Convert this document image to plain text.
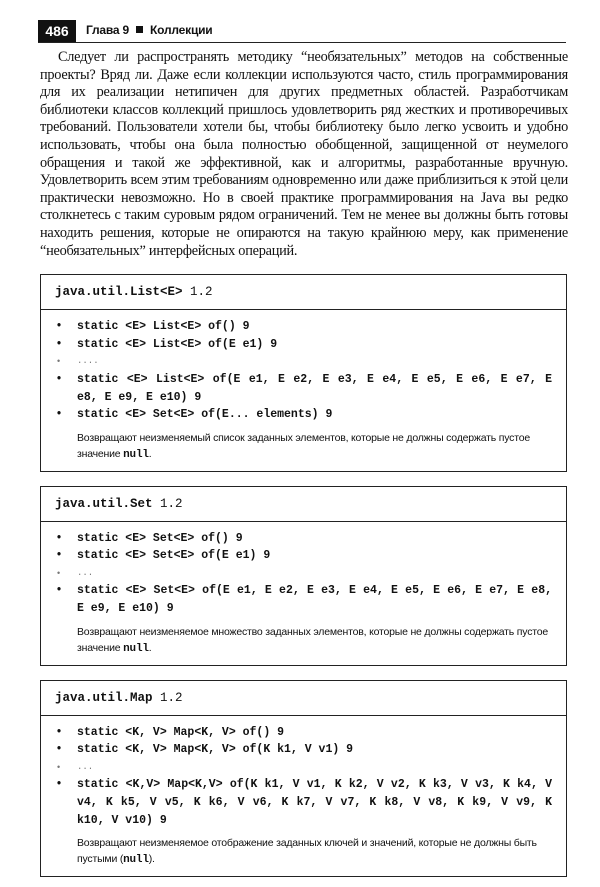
486	Глава 9 Коллекции

Следует ли распространять методику “необязательных” методов на собственные проекты? Вряд ли. Даже если коллекции используются часто, стиль программирования для их реализации нетипичен для других предметных областей. Разработчикам библиотеки классов коллекций пришлось удовлетворить ряд жестких и противоречивых требований. Пользователи хотели бы, чтобы библиотеку было легко усвоить и удобно использовать, чтобы она была полностью обобщенной, защищенной от неумелого обращения и такой же эффективной, как и алгоритмы, разработанные вручную. Удовлетворить всем этим требованиям одновременно или даже приблизиться к этой цели практически невозможно. Но в своей практике программирования на Java вы редко столкнетесь с таким суровым рядом ограничений. Тем не менее вы должны быть готовы находить решения, которые не опираются на такую крайнюю меру, как применение “необязательных” интерфейсных операций.

java.util.List<E> 1.2
• static <E> List<E> of() 9
• static <E> List<E> of(E e1) 9
• ....
• static <E> List<E> of(E e1, E e2, E e3, E e4, E e5, E e6, E e7, E e8, E e9, E e10) 9
• static <E> Set<E> of(E... elements) 9
Возвращают неизменяемый список заданных элементов, которые не должны содержать пустое значение null.
java.util.Set 1.2
• static <E> Set<E> of() 9
• static <E> Set<E> of(E e1) 9
• ...
• static <E> Set<E> of(E e1, E e2, E e3, E e4, E e5, E e6, E e7, E e8, E e9, E e10) 9
Возвращают неизменяемое множество заданных элементов, которые не должны содержать пустое значение null.
java.util.Map 1.2
• static <K, V> Map<K, V> of() 9
• static <K, V> Map<K, V> of(K k1, V v1) 9
• ...
• static <K,V> Map<K,V> of(K k1, V v1, K k2, V v2, K k3, V v3, K k4, V v4, K k5, V v5, K k6, V v6, K k7, V v7, K k8, V v8, K k9, V v9, K k10, V v10) 9
Возвращают неизменяемое отображение заданных ключей и значений, которые не должны быть пустыми (null).
